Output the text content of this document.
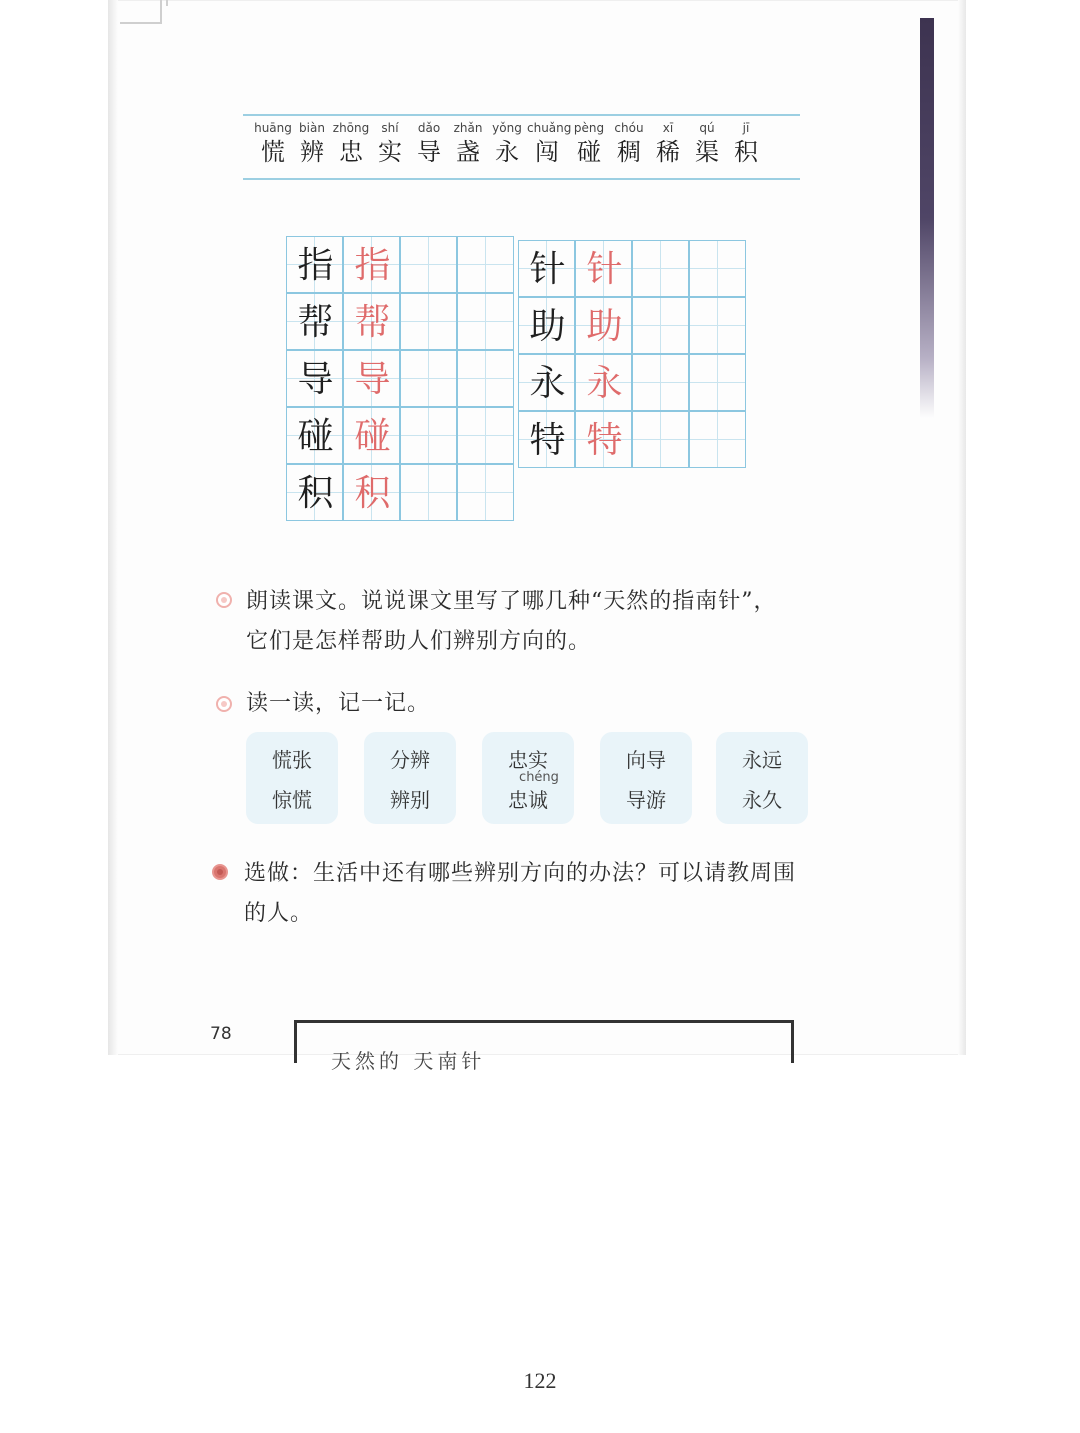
huāng
慌
biàn
辨
zhōng
忠
shí
实
dǎo
导
zhǎn
盏
yǒng
永
chuǎng
闯
pèng
碰
chóu
稠
xī
稀
qú
渠
jī
积
指 指
帮 帮
导 导
碰 碰
积 积
针 针
助 助
永 永
特 特
朗读课文。说说课文里写了哪几种“天然的指南针”，
它们是怎样帮助人们辨别方向的。
读一读，记一记。
慌张
惊慌
分辨
辨别
忠实
chéng
忠诚
向导
导游
永远
永久
选做：生活中还有哪些辨别方向的办法？可以请教周围
的人。
78
天然的 天南针
122
